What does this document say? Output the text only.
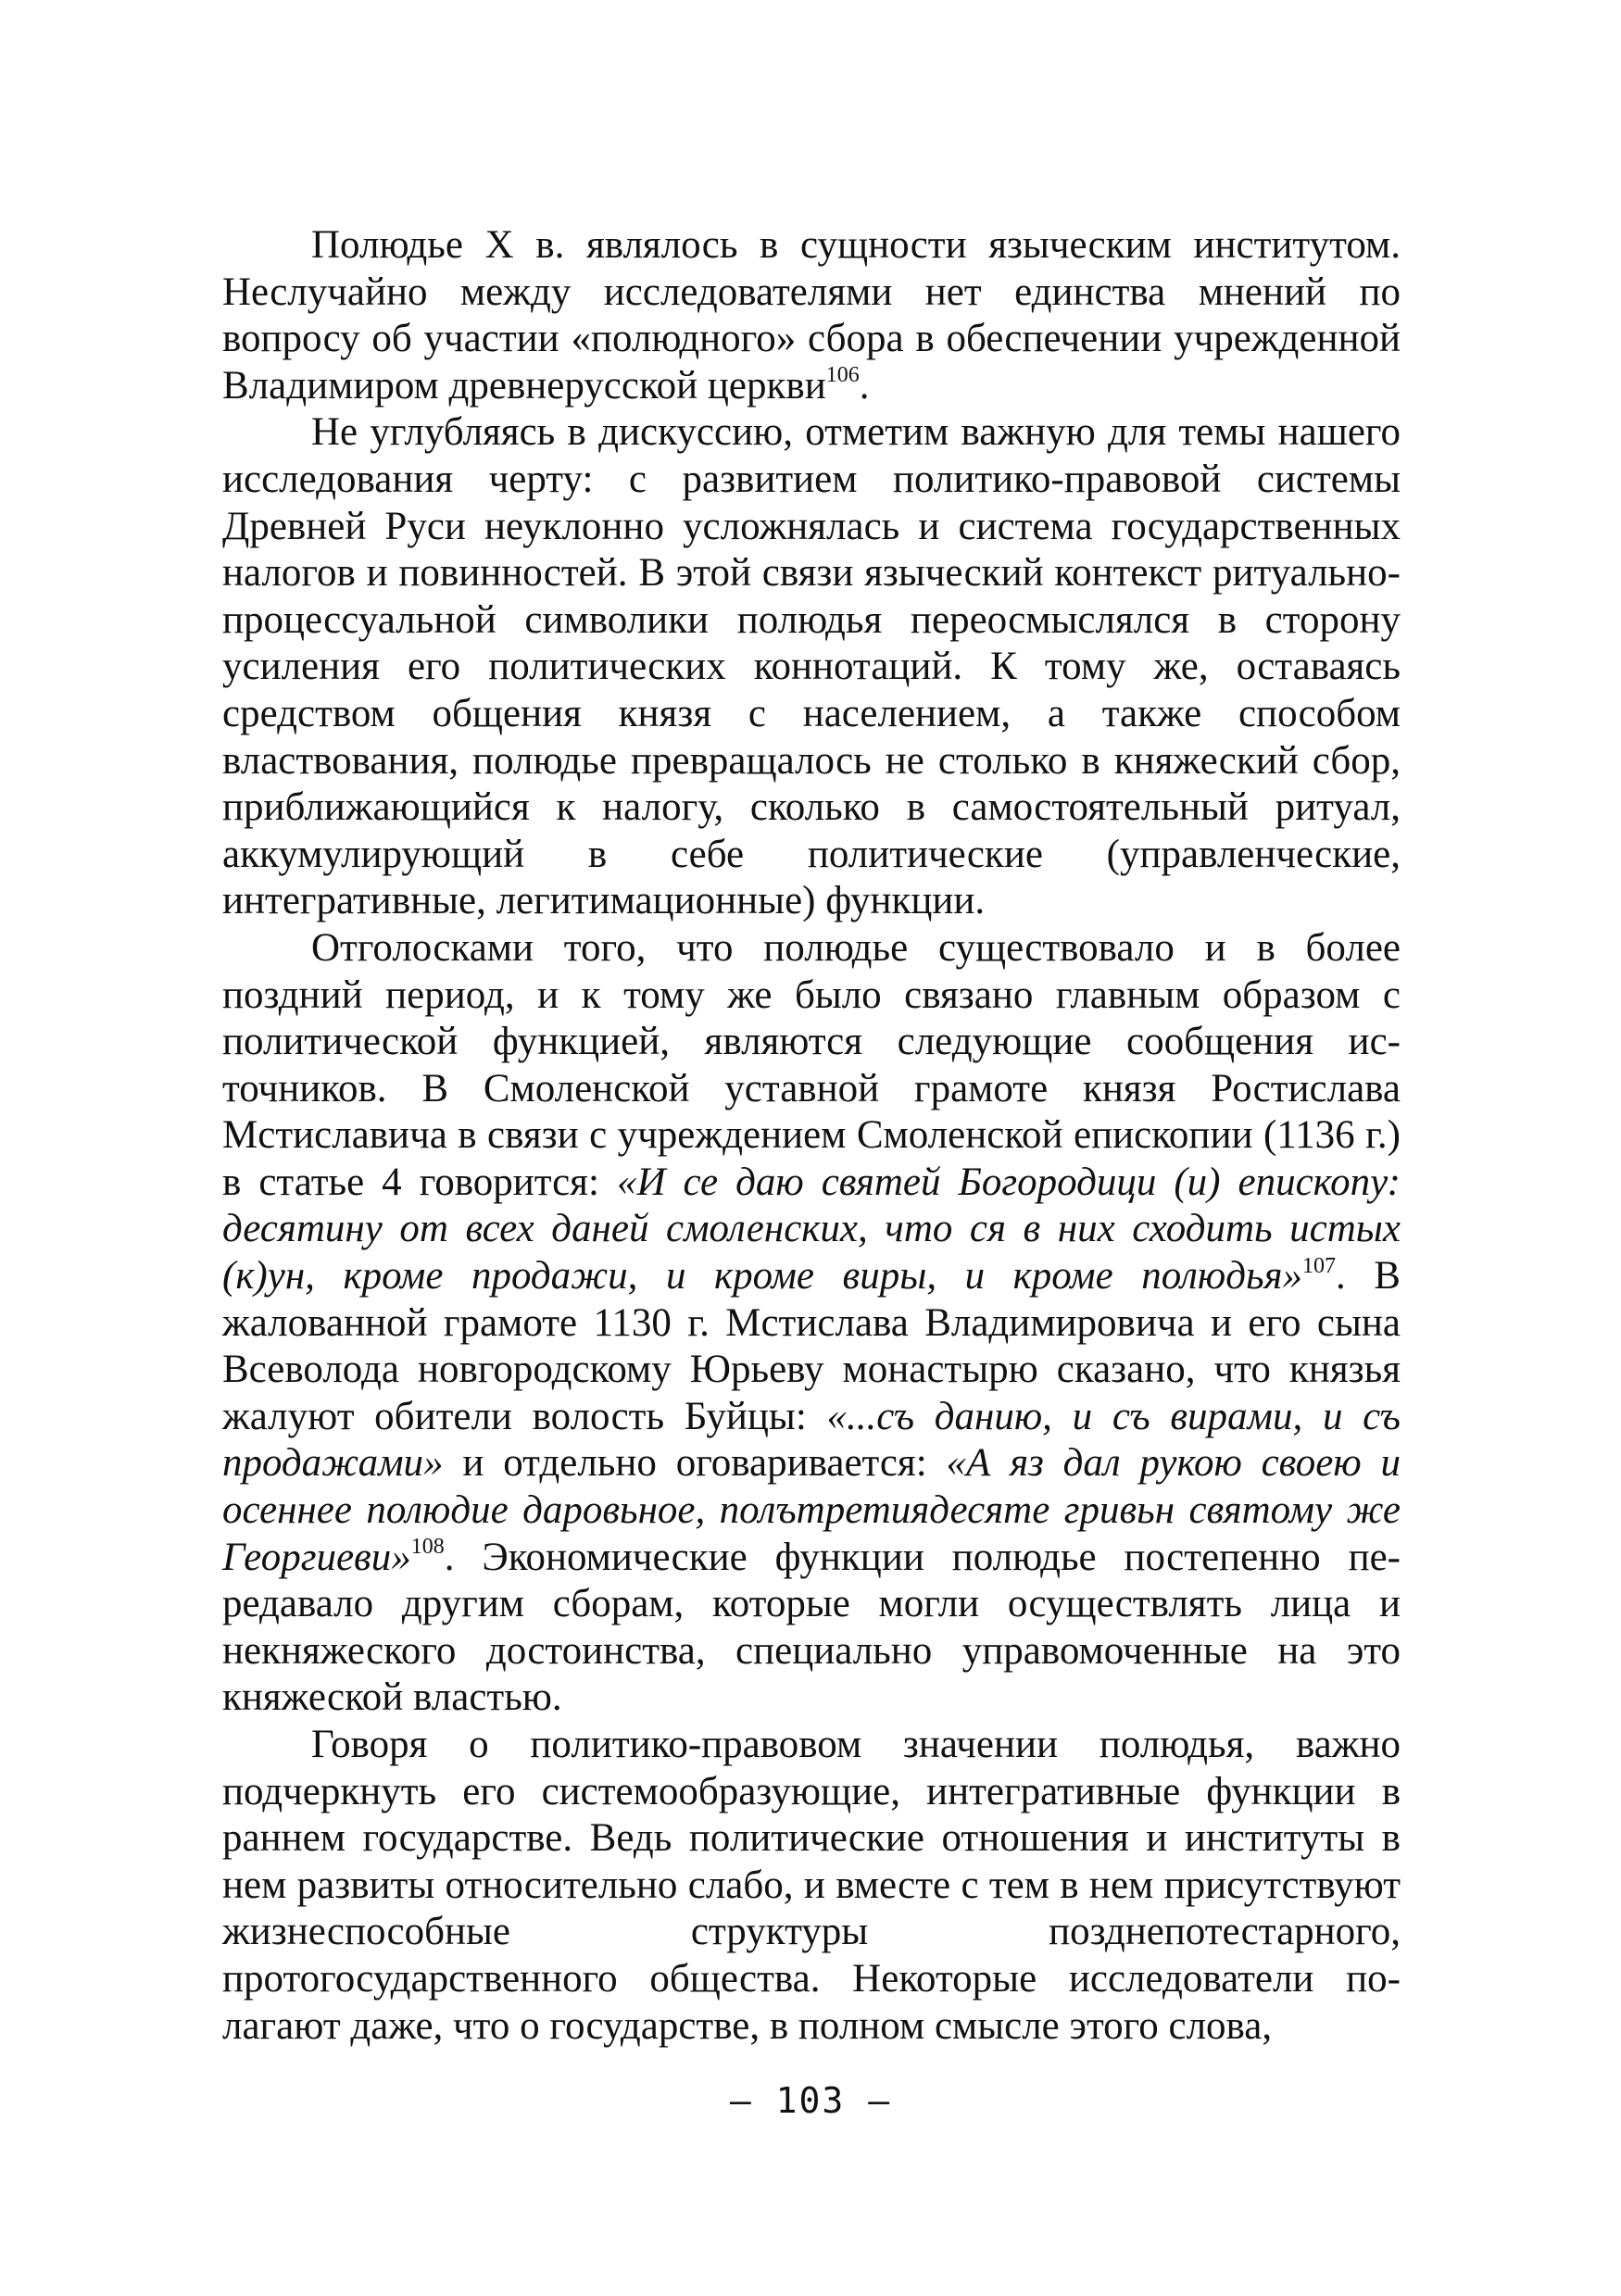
Полюдье X в. являлось в сущности языческим институтом. Неслучайно между исследователями нет единства мнений по вопросу об участии «полюдного» сбора в обеспечении учрежденной Владимиром древнерусской церкви$^{106}$.

Не углубляясь в дискуссию, отметим важную для темы нашего исследования черту: с развитием политико-правовой системы Древней Руси неуклонно усложнялась и система государственных налогов и повинностей. В этой связи языческий контекст ритуально-процессуальной символики полюдья переосмыслялся в сторону усиления его политических коннотаций. К тому же, оставаясь средством общения князя с населением, а также способом властвования, полюдье превращалось не столько в княжеский сбор, приближающийся к налогу, сколько в самостоятельный ритуал, аккумулирующий в себе политические (управленческие, интегративные, легитимационные) функции.

Отголосками того, что полюдье существовало и в более поздний период, и к тому же было связано главным образом с политической функцией, являются следующие сообщения источников. В Смоленской уставной грамоте князя Ростислава Мстиславича в связи с учреждением Смоленской епископии (1136 г.) в статье 4 говорится: «И се даю святей Богородици (и) епископу: десятину от всех даней смоленских, что ся в них сходить истых (к)ун, кроме продажи, и кроме виры, и кроме полюдья»$^{107}$. В жалованной грамоте 1130 г. Мстислава Владимировича и его сына Всеволода новгородскому Юрьеву монастырю сказано, что князья жалуют обители волость Буйцы: «...съ данию, и съ вирами, и съ продажами» и отдельно оговаривается: «А яз дал рукою своею и осеннее полюдие даровьное, полътретиядесяте гривьн святому же Георгиеви»$^{108}$. Экономические функции полюдье постепенно передавало другим сборам, которые могли осуществлять лица и некняжеского достоинства, специально управомоченные на это княжеской властью.

Говоря о политико-правовом значении полюдья, важно подчеркнуть его системообразующие, интегративные функции в раннем государстве. Ведь политические отношения и институты в нем развиты относительно слабо, и вместе с тем в нем присутствуют жизнеспособные структуры позднепотестарного, протогосударственного общества. Некоторые исследователи полагают даже, что о государстве, в полном смысле этого слова,

— 103 —
